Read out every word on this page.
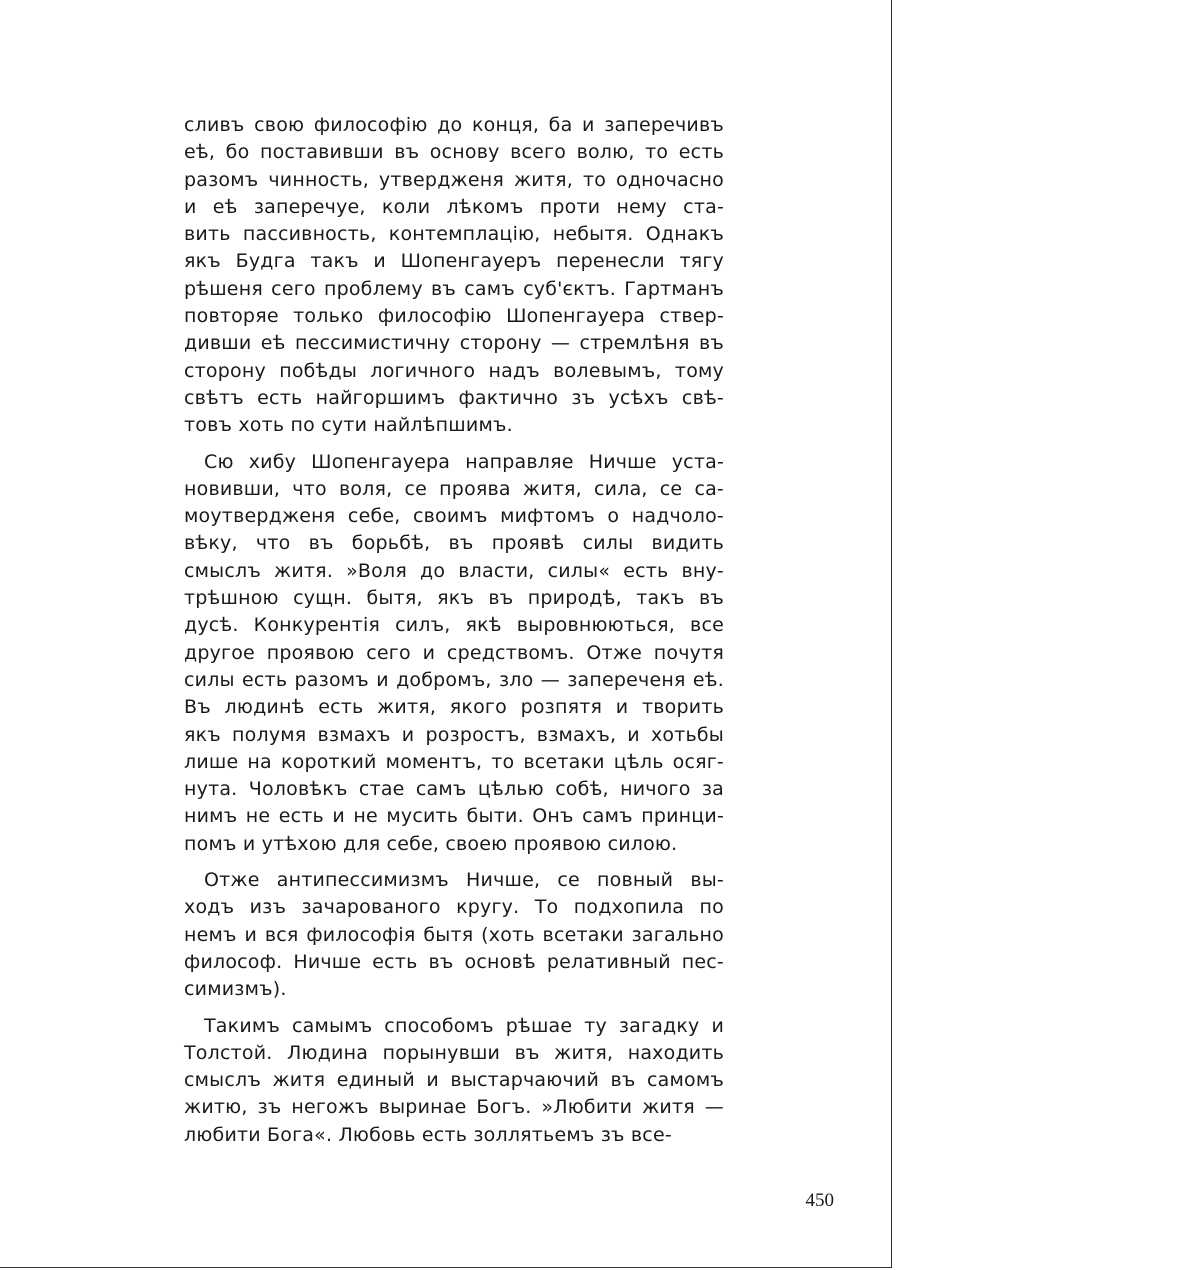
сливъ свою философію до конця, ба и заперечивъ
еѣ, бо поставивши въ основу всего волю, то есть
разомъ чинность, утвердженя житя, то одночасно
и еѣ заперечуе, коли лѣкомъ проти нему ста-
вить пассивность, контемплацію, небытя. Однакъ
якъ Будга такъ и Шопенгауеръ перенесли тягу
рѣшеня сего проблему въ самъ суб'єктъ. Гартманъ
повторяе только философію Шопенгауера ствер-
дивши еѣ пессимистичну сторону — стремлѣня въ
сторону побѣды логичного надъ волевымъ, тому
свѣтъ есть найгоршимъ фактично зъ усѣхъ свѣ-
товъ хоть по сути найлѣпшимъ.
Сю хибу Шопенгауера направляе Ничше уста-
новивши, что воля, се проява житя, сила, се са-
моутвердженя себе, своимъ мифтомъ о надчоло-
вѣку, что въ борьбѣ, въ проявѣ силы видить
смыслъ житя. »Воля до власти, силы« есть вну-
трѣшною сущн. бытя, якъ въ природѣ, такъ въ
дусѣ. Конкурентія силъ, якѣ выровнюються, все
другое проявою сего и средствомъ. Отже почутя
силы есть разомъ и добромъ, зло — запереченя еѣ.
Въ людинѣ есть житя, якого розпятя и творить
якъ полумя взмахъ и розростъ, взмахъ, и хотьбы
лише на короткий моментъ, то всетаки цѣль осяг-
нута. Чоловѣкъ стае самъ цѣлью собѣ, ничого за
нимъ не есть и не мусить быти. Онъ самъ принци-
помъ и утѣхою для себе, своею проявою силою.
Отже антипессимизмъ Ничше, се повный вы-
ходъ изъ зачарованого кругу. То подхопила по
немъ и вся философія бытя (хоть всетаки загально
философ. Ничше есть въ основѣ релативный пес-
симизмъ).
Такимъ самымъ способомъ рѣшае ту загадку и
Толстой. Людина порынувши въ житя, находить
смыслъ житя единый и выстарчаючий въ самомъ
житю, зъ негожъ выринае Богъ. »Любити житя —
любити Бога«. Любовь есть золлятьемъ зъ все-
450
